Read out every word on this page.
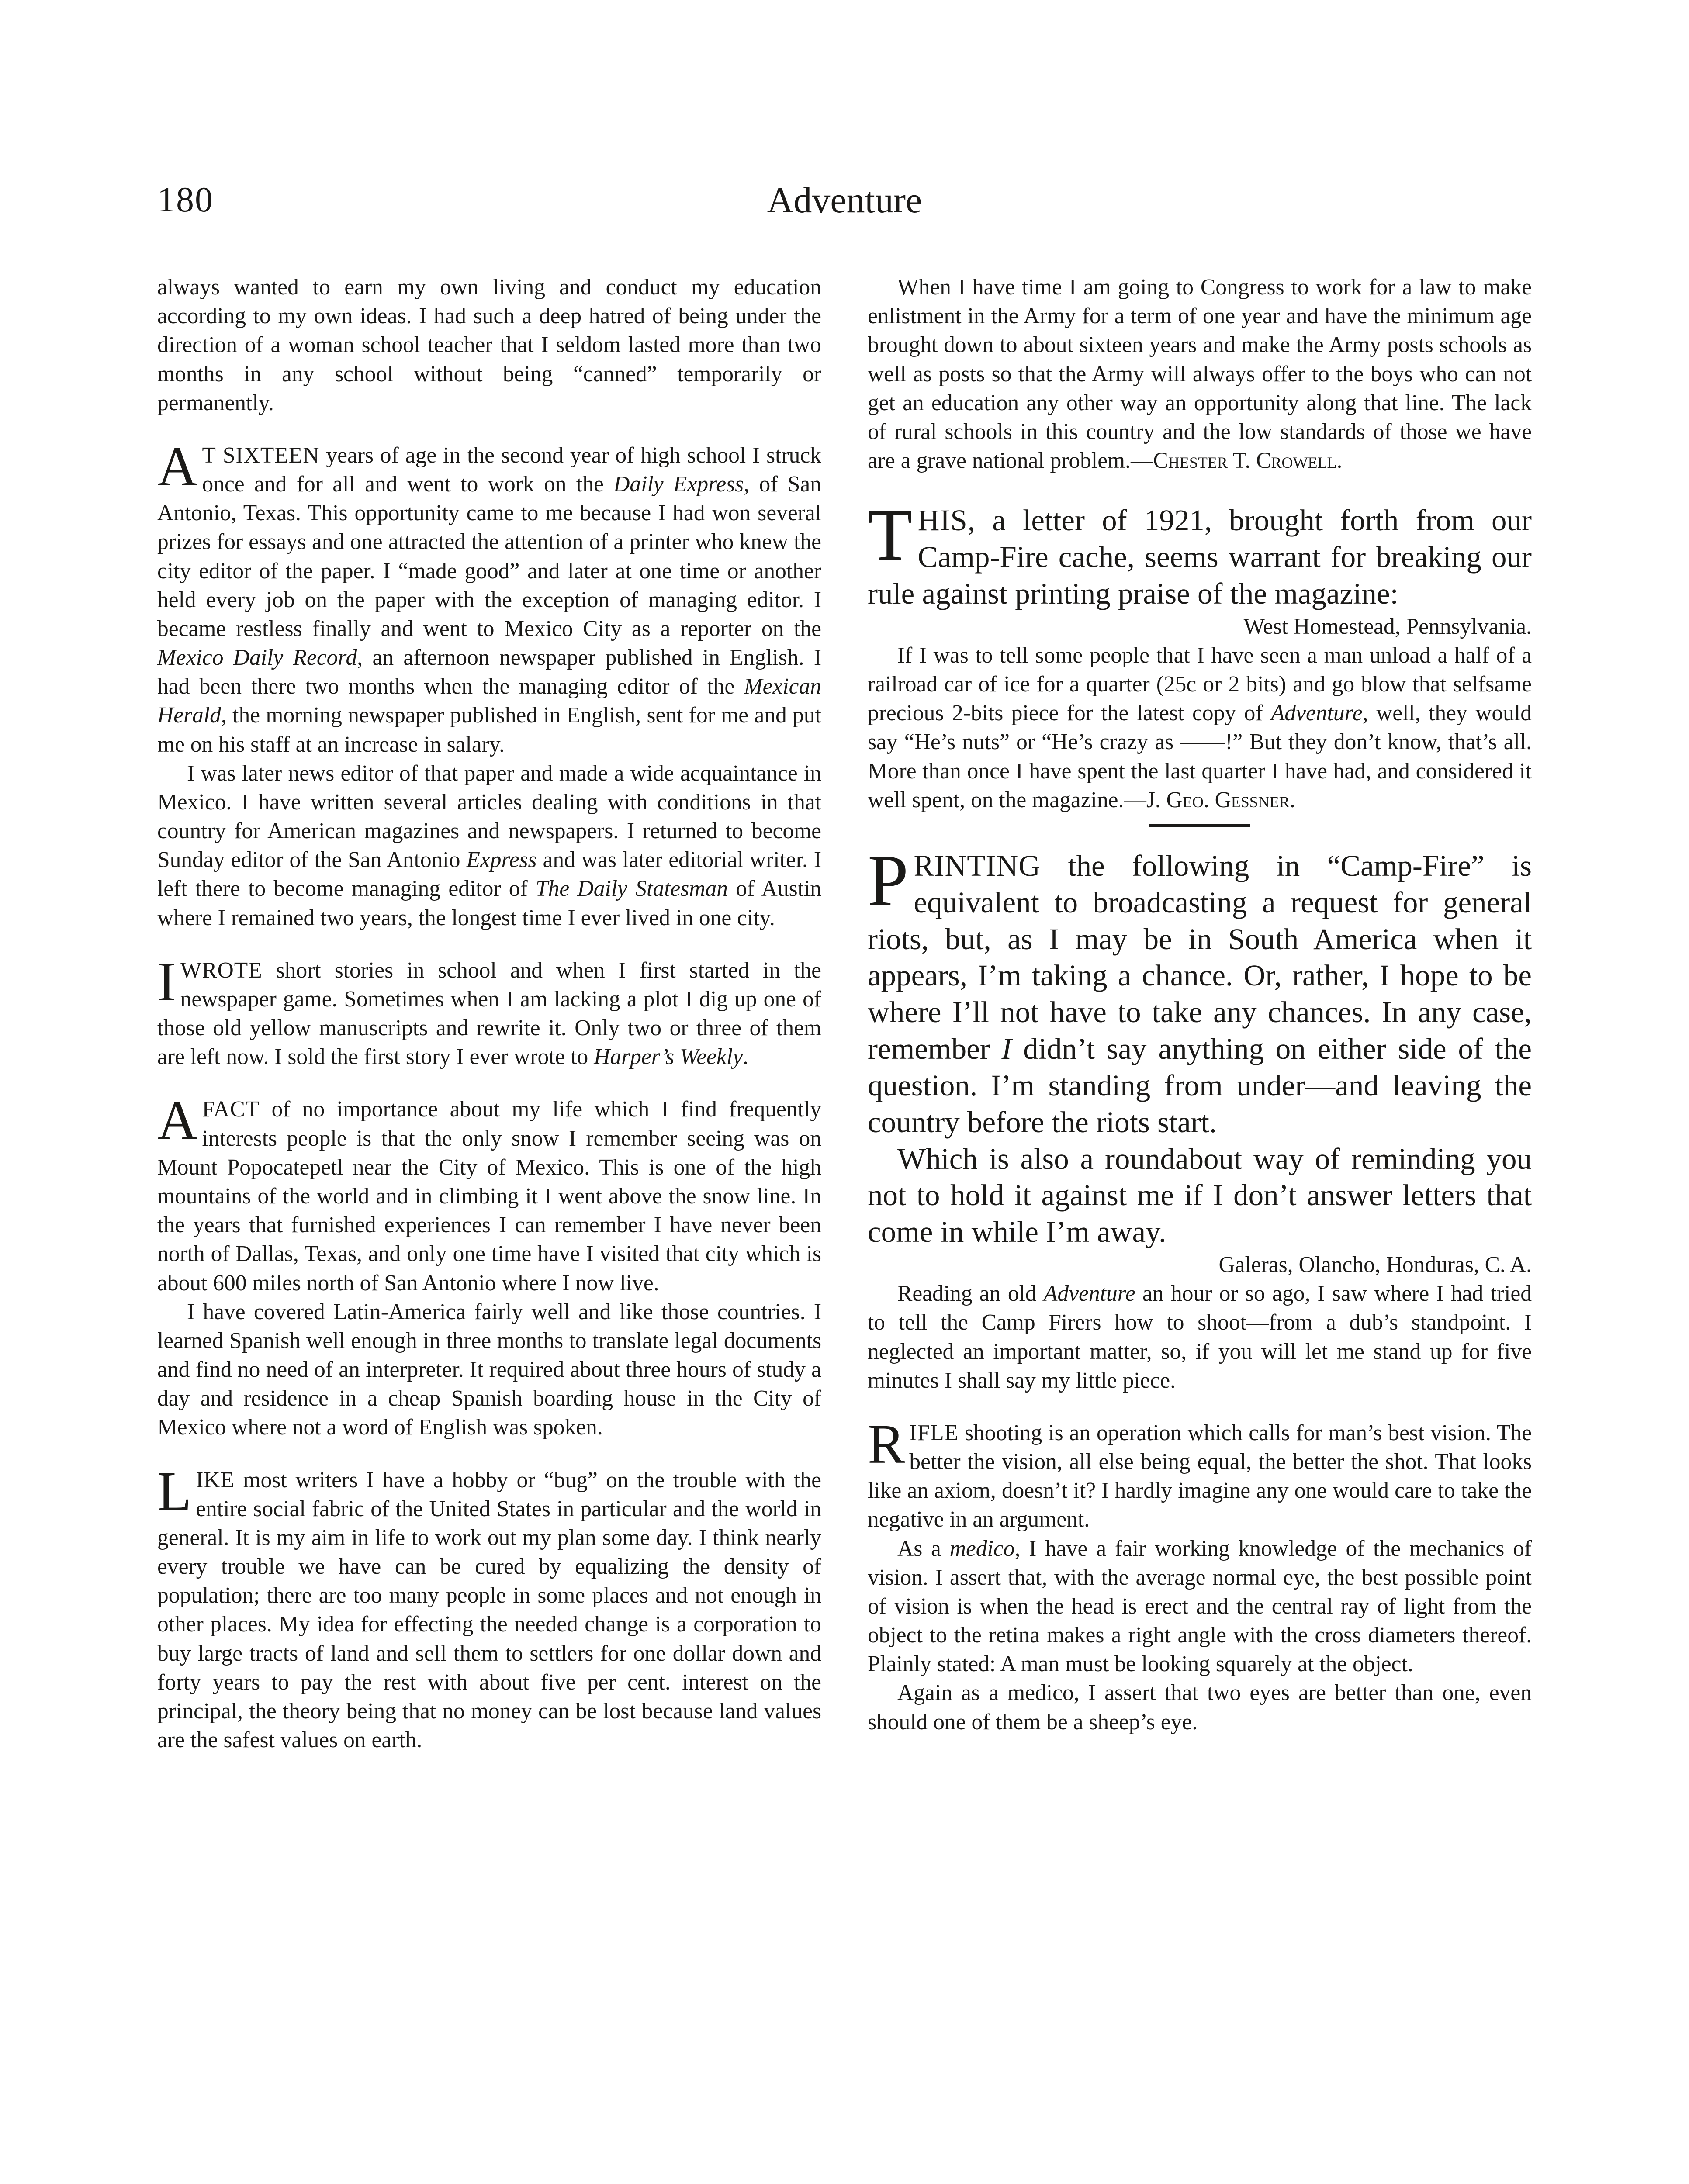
180	Adventure

always wanted to earn my own living and conduct my education according to my own ideas. I had such a deep hatred of being under the direction of a woman school teacher that I seldom lasted more than two months in any school without being “canned” temporarily or permanently.

A T SIXTEEN years of age in the second year of high school I struck once and for all and went to work on the Daily Express, of San Antonio, Texas. This opportunity came to me because I had won several prizes for essays and one attracted the attention of a printer who knew the city editor of the paper. I “made good” and later at one time or another held every job on the paper with the exception of managing editor. I became restless finally and went to Mexico City as a reporter on the Mexico Daily Record, an afternoon newspaper published in English. I had been there two months when the managing editor of the Mexican Herald, the morning newspaper published in English, sent for me and put me on his staff at an increase in salary.

I was later news editor of that paper and made a wide acquaintance in Mexico. I have written several articles dealing with conditions in that country for American magazines and newspapers. I returned to become Sunday editor of the San Antonio Express and was later editorial writer. I left there to become managing editor of The Daily Statesman of Austin where I remained two years, the longest time I ever lived in one city.

IWROTE short stories in school and when I first started in the newspaper game. Sometimes when I am lacking a plot I dig up one of those old yellow manuscripts and rewrite it. Only two or three of them are left now. I sold the first story I ever wrote to Harper’s Weekly.

AFACT of no importance about my life which I find frequently interests people is that the only snow I remember seeing was on Mount Popocatepetl near the City of Mexico. This is one of the high mountains of the world and in climbing it I went above the snow line. In the years that furnished experiences I can remember I have never been north of Dallas, Texas, and only one time have I visited that city which is about 600 miles north of San Antonio where I now live.

I have covered Latin-America fairly well and like those countries. I learned Spanish well enough in three months to translate legal documents and find no need of an interpreter. It required about three hours of study a day and residence in a cheap Spanish boarding house in the City of Mexico where not a word of English was spoken.

LIKE most writers I have a hobby or “bug” on the trouble with the entire social fabric of the United States in particular and the world in general. It is my aim in life to work out my plan some day. I think nearly every trouble we have can be cured by equalizing the density of population; there are too many people in some places and not enough in other places. My idea for effecting the needed change is a corporation to buy large tracts of land and sell them to settlers for one dollar down and forty years to pay the rest with about five per cent. interest on the principal, the theory being that no money can be lost because land values are the safest values on earth.

When I have time I am going to Congress to work for a law to make enlistment in the Army for a term of one year and have the minimum age brought down to about sixteen years and make the Army posts schools as well as posts so that the Army will always offer to the boys who can not get an education any other way an opportunity along that line. The lack of rural schools in this country and the low standards of those we have are a grave national problem.—Chester T. Crowell.

THIS, a letter of 1921, brought forth from our Camp-Fire cache, seems warrant for breaking our rule against printing praise of the magazine:

West Homestead, Pennsylvania.

If I was to tell some people that I have seen a man unload a half of a railroad car of ice for a quarter (25c or 2 bits) and go blow that selfsame precious 2-bits piece for the latest copy of Adventure, well, they would say “He’s nuts” or “He’s crazy as ——!” But they don’t know, that’s all. More than once I have spent the last quarter I have had, and considered it well spent, on the magazine.—J. Geo. Gessner.

PRINTING the following in “Camp-Fire” is equivalent to broadcasting a request for general riots, but, as I may be in South America when it appears, I’m taking a chance. Or, rather, I hope to be where I’ll not have to take any chances. In any case, remember I didn’t say anything on either side of the question. I’m standing from under—and leaving the country before the riots start.

Which is also a roundabout way of reminding you not to hold it against me if I don’t answer letters that come in while I’m away.

Galeras, Olancho, Honduras, C. A.

Reading an old Adventure an hour or so ago, I saw where I had tried to tell the Camp Firers how to shoot—from a dub’s standpoint. I neglected an important matter, so, if you will let me stand up for five minutes I shall say my little piece.

RIFLE shooting is an operation which calls for man’s best vision. The better the vision, all else being equal, the better the shot. That looks like an axiom, doesn’t it? I hardly imagine any one would care to take the negative in an argument.

As a medico, I have a fair working knowledge of the mechanics of vision. I assert that, with the average normal eye, the best possible point of vision is when the head is erect and the central ray of light from the object to the retina makes a right angle with the cross diameters thereof. Plainly stated: A man must be looking squarely at the object.

Again as a medico, I assert that two eyes are better than one, even should one of them be a sheep’s eye.
